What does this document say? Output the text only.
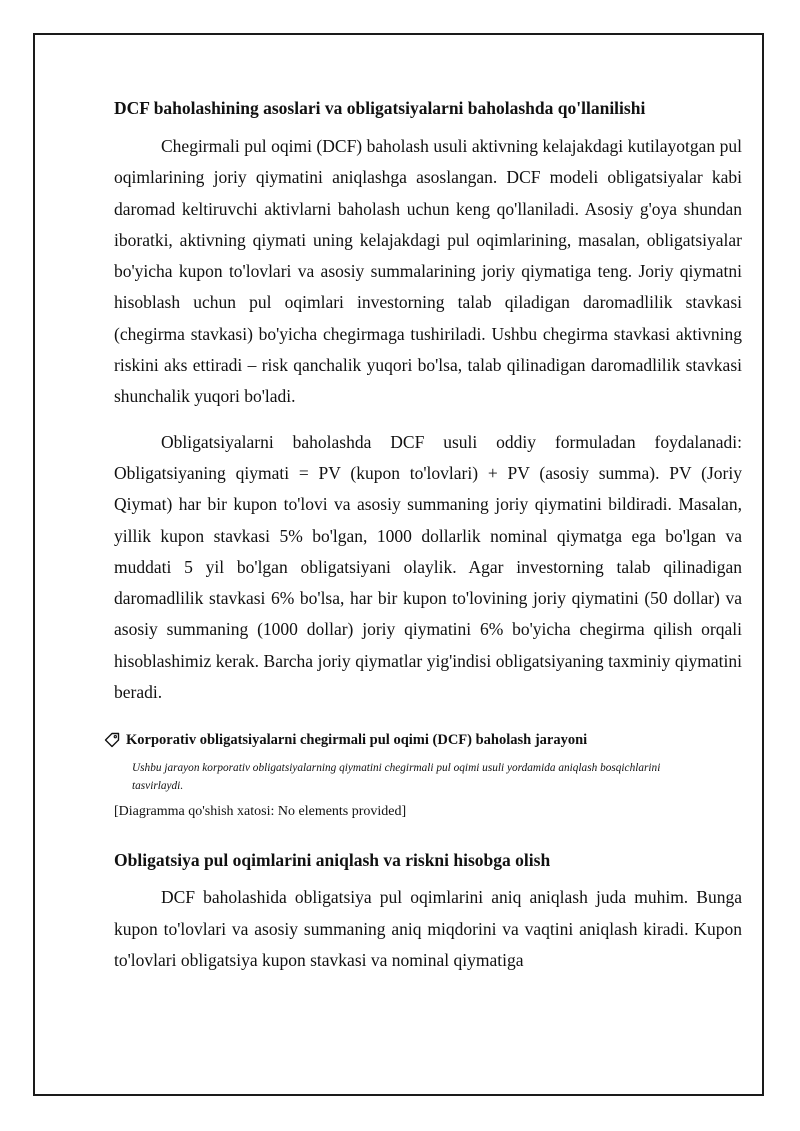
DCF baholashining asoslari va obligatsiyalarni baholashda qo'llanilishi

Chegirmali pul oqimi (DCF) baholash usuli aktivning kelajakdagi kutilayotgan pul oqimlarining joriy qiymatini aniqlashga asoslangan. DCF modeli obligatsiyalar kabi daromad keltiruvchi aktivlarni baholash uchun keng qo'llaniladi. Asosiy g'oya shundan iboratki, aktivning qiymati uning kelajakdagi pul oqimlarining, masalan, obligatsiyalar bo'yicha kupon to'lovlari va asosiy summalarining joriy qiymatiga teng. Joriy qiymatni hisoblash uchun pul oqimlari investorning talab qiladigan daromadlilik stavkasi (chegirma stavkasi) bo'yicha chegirmaga tushiriladi. Ushbu chegirma stavkasi aktivning riskini aks ettiradi – risk qanchalik yuqori bo'lsa, talab qilinadigan daromadlilik stavkasi shunchalik yuqori bo'ladi.

Obligatsiyalarni baholashda DCF usuli oddiy formuladan foydalanadi: Obligatsiyaning qiymati = PV (kupon to'lovlari) + PV (asosiy summa). PV (Joriy Qiymat) har bir kupon to'lovi va asosiy summaning joriy qiymatini bildiradi. Masalan, yillik kupon stavkasi 5% bo'lgan, 1000 dollarlik nominal qiymatga ega bo'lgan va muddati 5 yil bo'lgan obligatsiyani olaylik. Agar investorning talab qilinadigan daromadlilik stavkasi 6% bo'lsa, har bir kupon to'lovining joriy qiymatini (50 dollar) va asosiy summaning (1000 dollar) joriy qiymatini 6% bo'yicha chegirma qilish orqali hisoblashimiz kerak. Barcha joriy qiymatlar yig'indisi obligatsiyaning taxminiy qiymatini beradi.

Korporativ obligatsiyalarni chegirmali pul oqimi (DCF) baholash jarayoni
Ushbu jarayon korporativ obligatsiyalarning qiymatini chegirmali pul oqimi usuli yordamida aniqlash bosqichlarini tasvirlaydi.
[Diagramma qo'shish xatosi: No elements provided]
Obligatsiya pul oqimlarini aniqlash va riskni hisobga olish

DCF baholashida obligatsiya pul oqimlarini aniq aniqlash juda muhim. Bunga kupon to'lovlari va asosiy summaning aniq miqdorini va vaqtini aniqlash kiradi. Kupon to'lovlari obligatsiya kupon stavkasi va nominal qiymatiga
